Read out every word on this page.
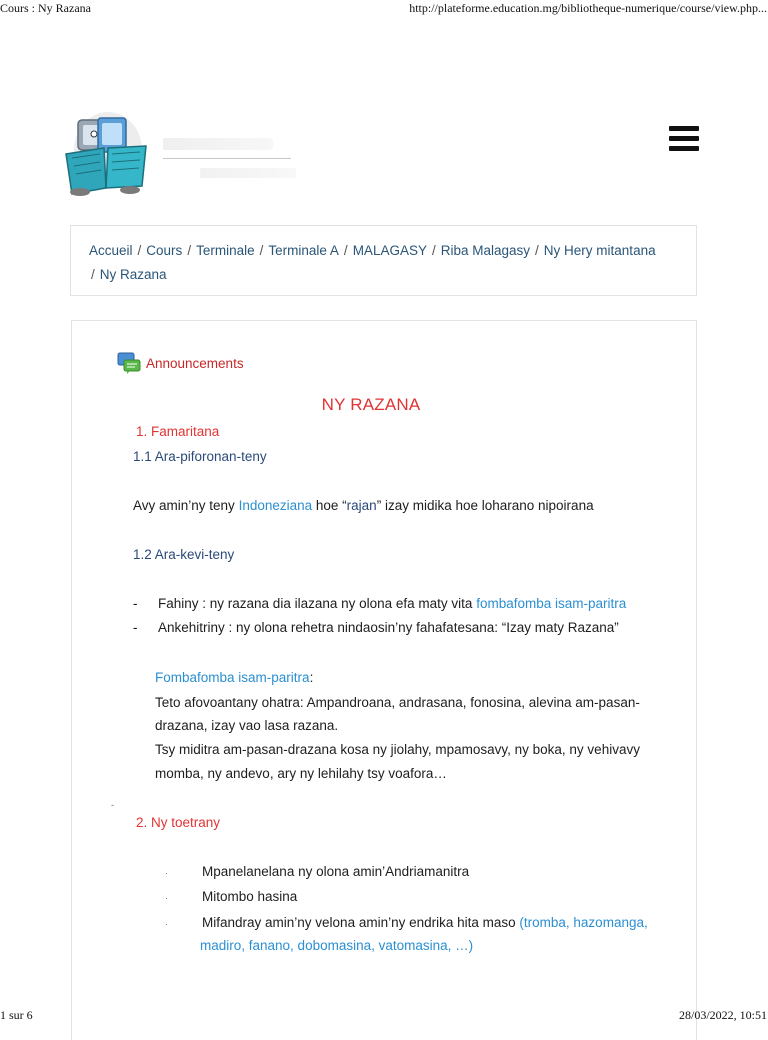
Cours : Ny Razana	http://plateforme.education.mg/bibliotheque-numerique/course/view.php...
Accueil / Cours / Terminale / Terminale A / MALAGASY / Riba Malagasy / Ny Hery mitantana
/ Ny Razana
Announcements
NY RAZANA
1. Famaritana
1.1 Ara-piforonan-teny
Avy amin’ny teny Indoneziana hoe “rajan” izay midika hoe loharano nipoirana
1.2 Ara-kevi-teny
- Fahiny : ny razana dia ilazana ny olona efa maty vita fombafomba isam-paritra
- Ankehitriny : ny olona rehetra nindaosin’ny fahafatesana: “Izay maty Razana”
Fombafomba isam-paritra:
Teto afovoantany ohatra: Ampandroana, andrasana, fonosina, alevina am-pasan-
drazana, izay vao lasa razana.
Tsy miditra am-pasan-drazana kosa ny jiolahy, mpamosavy, ny boka, ny vehivavy
momba, ny andevo, ary ny lehilahy tsy voafora…
-
2. Ny toetrany
·	Mpanelanelana ny olona amin’Andriamanitra
·	Mitombo hasina
·	Mifandray amin’ny velona amin’ny endrika hita maso (tromba, hazomanga,
madiro, fanano, dobomasina, vatomasina, …)
1 sur 6	28/03/2022, 10:51
